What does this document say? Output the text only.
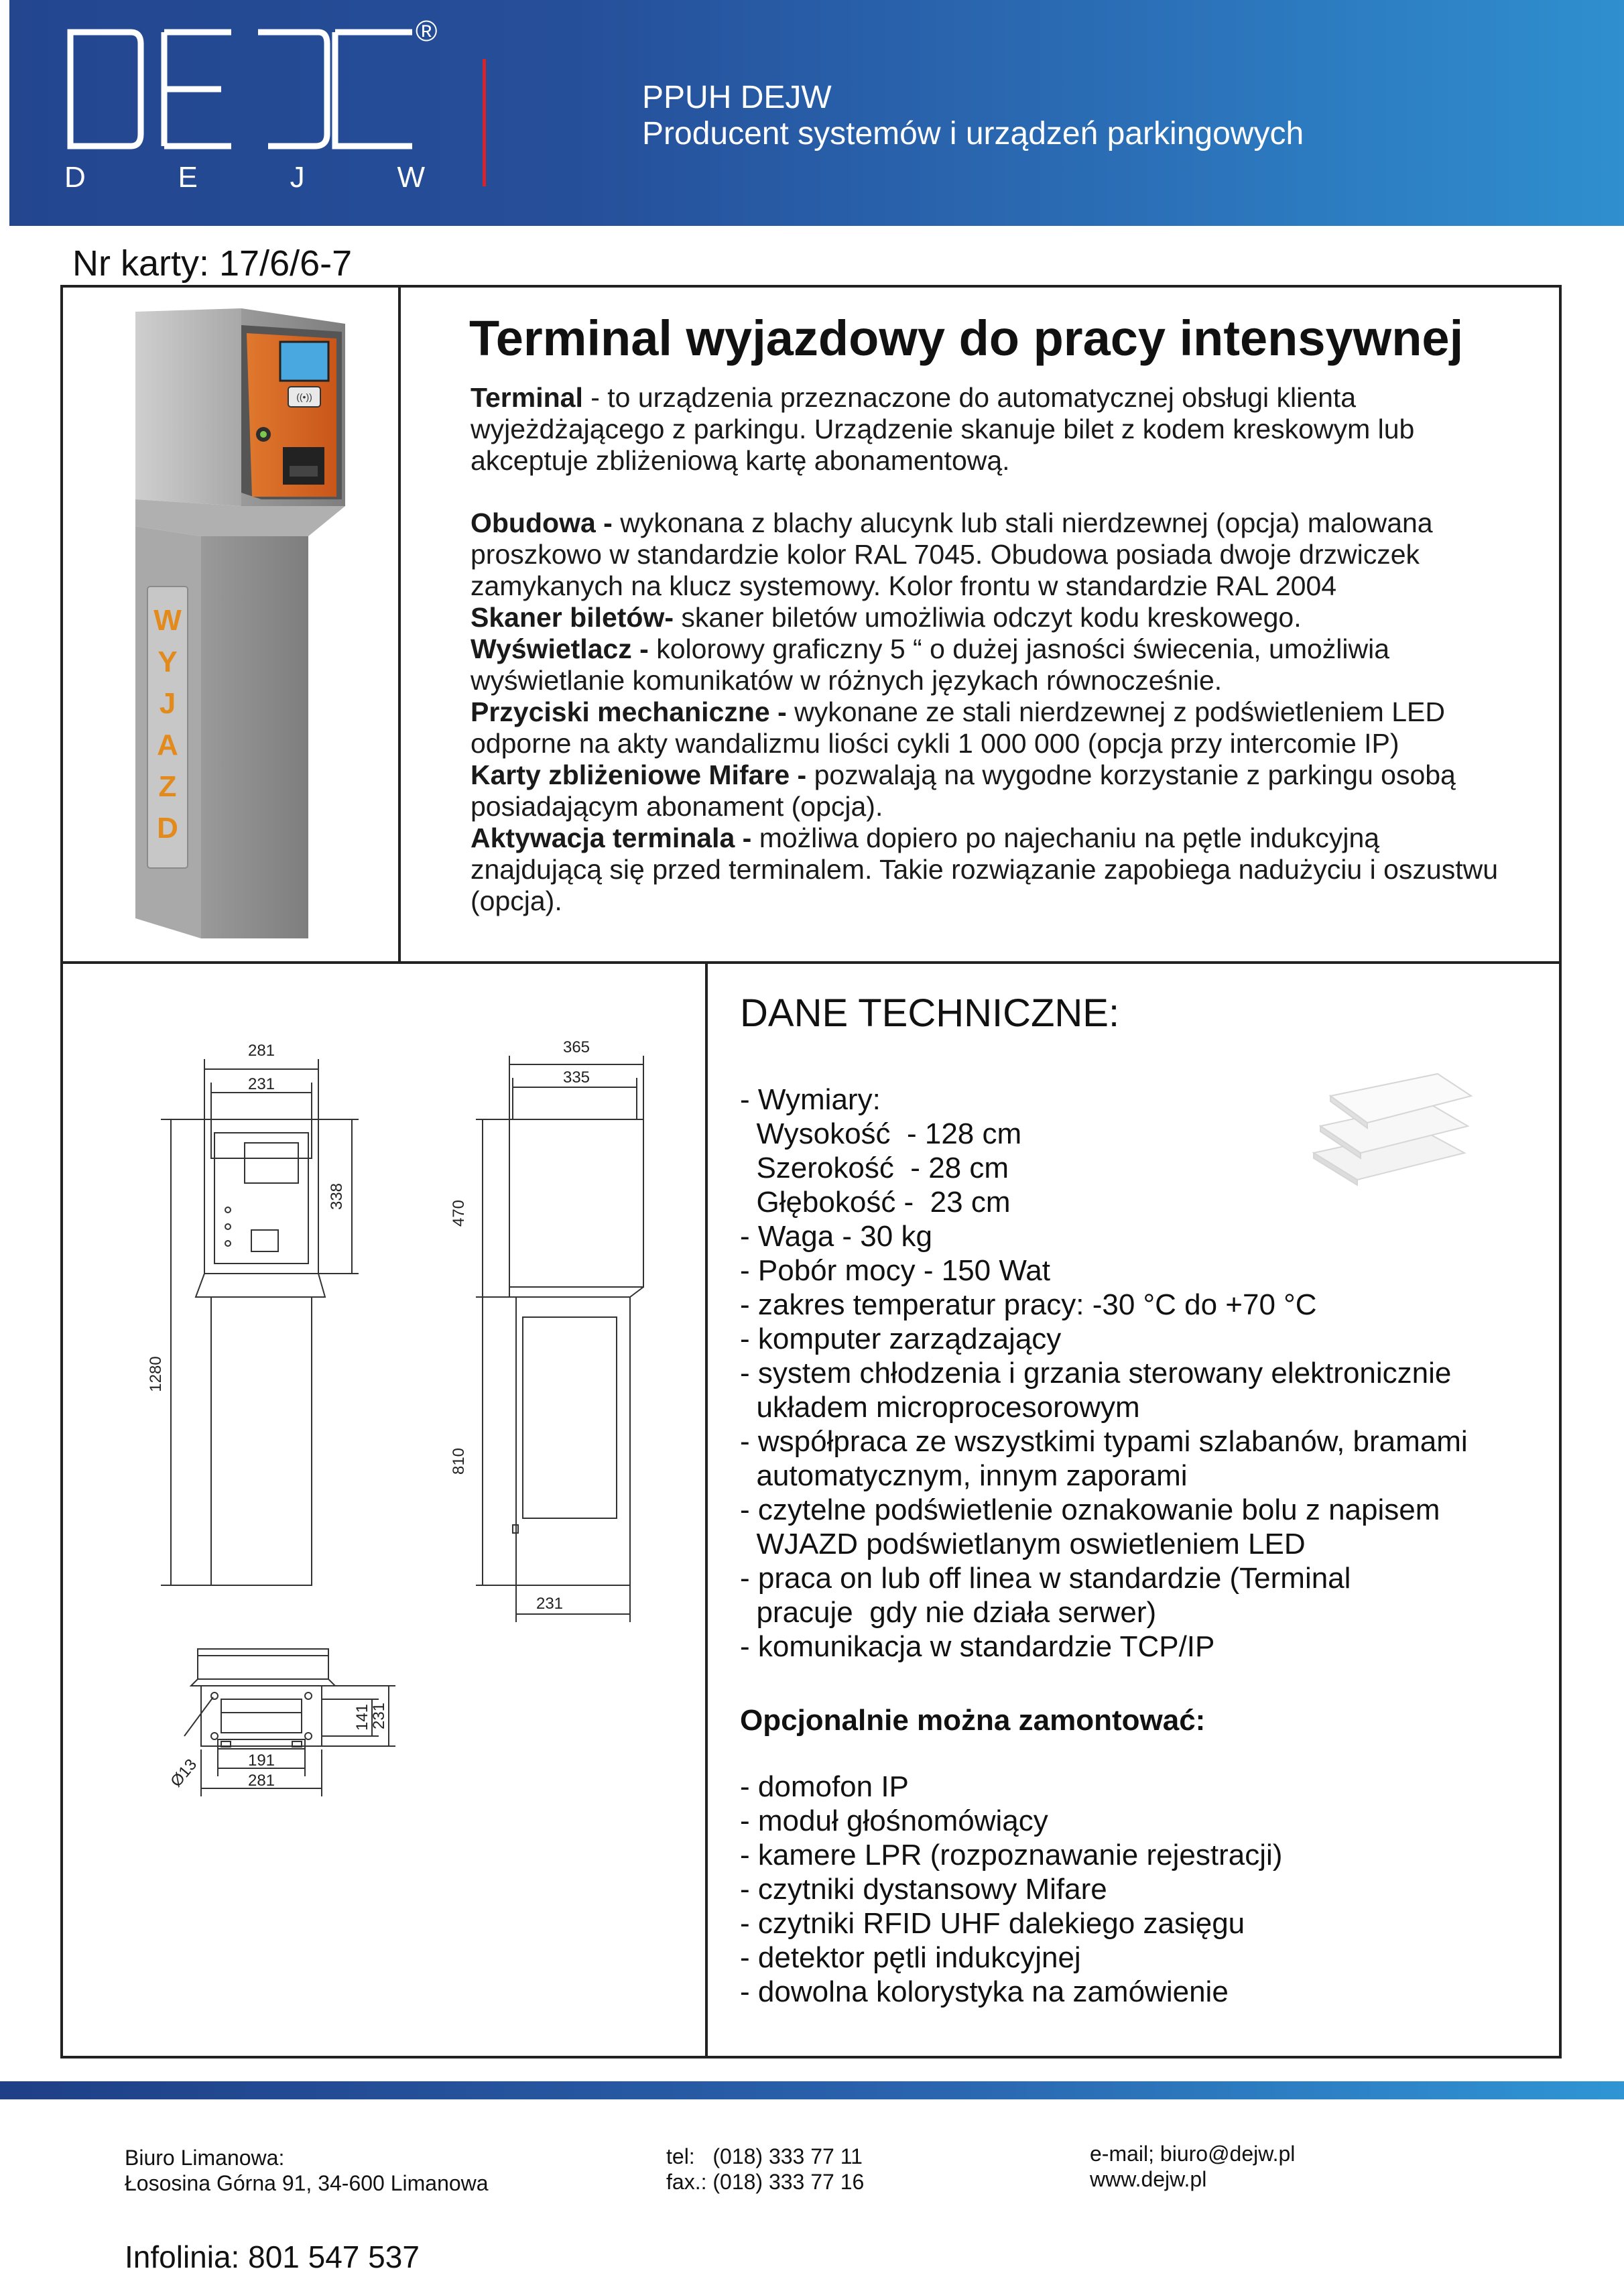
®
D	E	J	W
PPUH DEJW
Producent systemów i urządzeń parkingowych
Nr karty: 17/6/6-7
((•))
W Y J A Z D
Terminal wyjazdowy do pracy intensywnej

Terminal - to urządzenia przeznaczone do automatycznej obsługi klienta wyjeżdżającego z parkingu. Urządzenie skanuje bilet z kodem kreskowym lub akceptuje zbliżeniową kartę abonamentową.

Obudowa - wykonana z blachy alucynk lub stali nierdzewnej (opcja) malowana proszkowo w standardzie kolor RAL 7045. Obudowa posiada dwoje drzwiczek zamykanych na klucz systemowy. Kolor frontu w standardzie RAL 2004

Skaner biletów- skaner biletów umożliwia odczyt kodu kreskowego.

Wyświetlacz - kolorowy graficzny 5 “ o dużej jasności świecenia, umożliwia wyświetlanie komunikatów w różnych językach równocześnie.

Przyciski mechaniczne - wykonane ze stali nierdzewnej z podświetleniem LED odporne na akty wandalizmu liości cykli 1 000 000 (opcja przy intercomie IP)

Karty zbliżeniowe Mifare - pozwalają na wygodne korzystanie z parkingu osobą posiadającym abonament (opcja).

Aktywacja terminala - możliwa dopiero po najechaniu na pętle indukcyjną znajdującą się przed terminalem. Takie rozwiązanie zapobiega nadużyciu i oszustwu (opcja).

281
231
338
1280
365
335
470
810
231
Ø13	191
281
141
231
DANE TECHNICZNE:
- Wymiary:
Wysokość  - 128 cm
Szerokość  - 28 cm
Głębokość -  23 cm
- Waga - 30 kg
- Pobór mocy - 150 Wat
- zakres temperatur pracy: -30 °C do +70 °C
- komputer zarządzający
- system chłodzenia i grzania sterowany elektronicznie
układem microprocesorowym
- współpraca ze wszystkimi typami szlabanów, bramami
automatycznym, innym zaporami
- czytelne podświetlenie oznakowanie bolu z napisem
WJAZD podświetlanym oswietleniem LED
- praca on lub off linea w standardzie (Terminal
pracuje  gdy nie działa serwer)
- komunikacja w standardzie TCP/IP
Opcjonalnie można zamontować:
- domofon IP
- moduł głośnomówiący
- kamere LPR (rozpoznawanie rejestracji)
- czytniki dystansowy Mifare
- czytniki RFID UHF dalekiego zasięgu
- detektor pętli indukcyjnej
- dowolna kolorystyka na zamówienie
Biuro Limanowa:
Łososina Górna 91, 34-600 Limanowa
tel:   (018) 333 77 11
fax.: (018) 333 77 16
e-mail; biuro@dejw.pl
www.dejw.pl
Infolinia: 801 547 537
